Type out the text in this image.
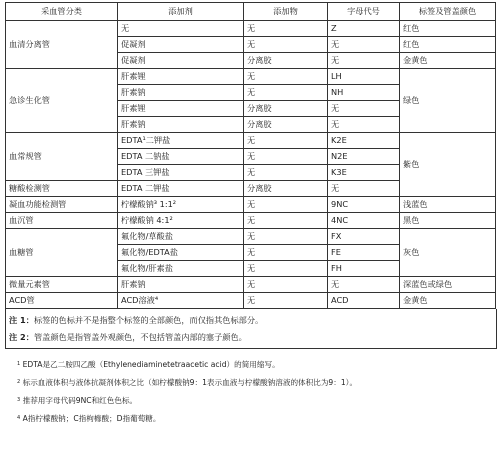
采血管分类	添加剂	添加物	字母代号	标签及管盖颜色
血清分离管	无	无	Z	红色
	促凝剂	无	无	红色
	促凝剂	分离胶	无	金黄色
急诊生化管	肝素锂	无	LH	绿色
	肝素钠	无	NH	
	肝素锂	分离胶	无	
	肝素钠	分离胶	无	
血常规管	EDTA¹二钾盐	无	K2E	紫色
	EDTA 二钠盐	无	N2E	
	EDTA 三钾盐	无	K3E	
糖酸检测管	EDTA 二钾盐	分离胶	无	
凝血功能检测管	柠檬酸钠³ 1:1²	无	9NC	浅蓝色
血沉管	柠檬酸钠 4:1²	无	4NC	黑色
血糖管	氟化物/草酸盐	无	FX	灰色
	氟化物/EDTA盐	无	FE	
	氟化物/肝素盐	无	FH	
微量元素管	肝素钠	无	无	深蓝色或绿色
ACD管	ACD溶液⁴	无	ACD	金黄色
注 1：标签的色标并不是指整个标签的全部颜色，而仅指其色标部分。
注 2：管盖颜色是指管盖外观颜色，不包括管盖内部的塞子颜色。
$^1$ EDTA是乙二胺四乙酸（Ethylenediaminetetraacetic acid）的简用缩写。
$^2$ 标示血液体积与液体抗凝剂体积之比（如柠檬酸钠9：1表示血液与柠檬酸钠溶液的体积比为9：1）。
$^3$ 推荐用字母代码9NC和红色色标。
$^4$ A指柠檬酸钠；C指枸橼酸；D指葡萄糖。
